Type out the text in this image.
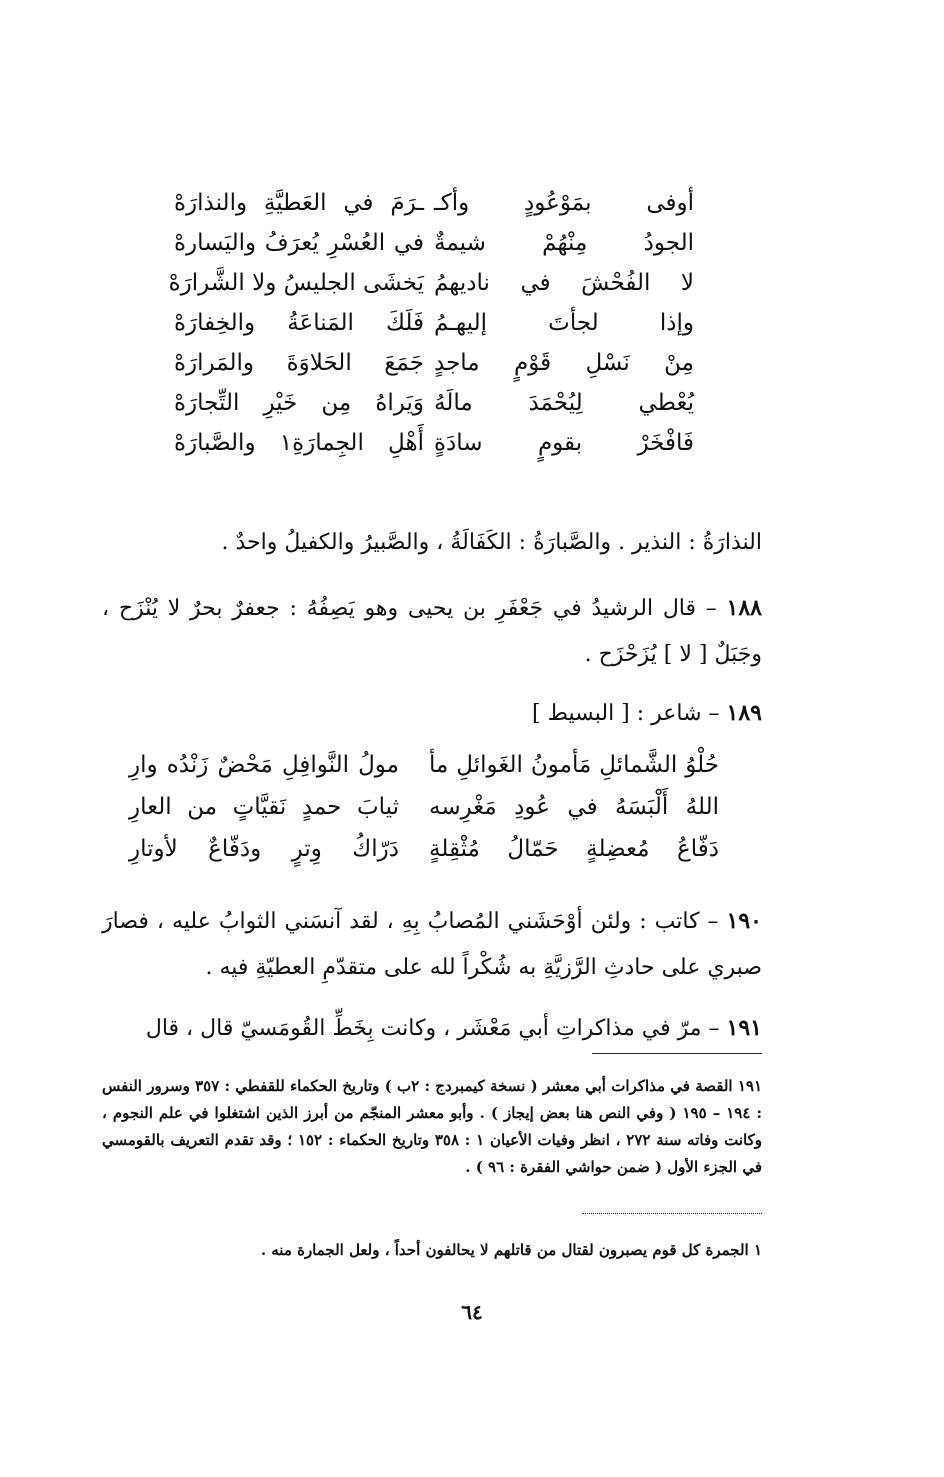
أوفى بمَوْعُودٍ وأكـ
ـرَمَ في العَطيَّةِ والنذارَهْ
الجودُ مِنْهُمْ شيمةٌ
في العُسْرِ يُعرَفُ واليَسارهْ
لا الفُحْشَ في ناديهمُ
يَخشَى الجليسُ ولا الشَّرارَهْ
وإذا لجأتَ إليهـمُ
فَلَكَ المَناعَةُ والخِفارَهْ
مِنْ نَسْلِ قَوْمٍ ماجدٍ
جَمَعَ الحَلاوَةَ والمَرارَهْ
يُعْطي لِيُحْمَدَ مالَهُ
وَيَراهُ مِن خَيْرِ التِّجارَهْ
فَافْخَرْ بقومٍ سادَةٍ
أَهْلِ الجِمارَةِ١ والصَّبارَهْ
النذارَةُ : النذير . والصَّبارَةُ : الكَفَالَةُ ، والصَّبيرُ والكفيلُ واحدٌ .
١٨٨ – قال الرشيدُ في جَعْفَرِ بن يحيى وهو يَصِفُهُ : جعفرٌ بحرٌ لا يُنْزَح ، وجَبَلٌ [ لا ] يُزَحْزَح .
١٨٩ – شاعر : [ البسيط ]
حُلْوُ الشَّمائلِ مَأمونُ الغَوائلِ مأ
مولُ النَّوافِلِ مَحْضٌ زَنْدُه وارِ
اللهُ أَلْبَسَهُ في عُودِ مَغْرِسه
ثيابَ حمدٍ نَقيَّاتٍ من العارِ
دَفّاعُ مُعضِلةٍ حَمّالُ مُثْقِلةٍ
دَرّاكُ وِترٍ ودَفّاعٌ لأوتارِ
١٩٠ – كاتب : ولئن أوْحَشَني المُصابُ بِهِ ، لقد آنسَني الثوابُ عليه ، فصارَ صبري على حادثِ الرَّزيَّةِ به شُكْراً لله على متقدّمِ العطيّةِ فيه .
١٩١ – مرّ في مذاكراتِ أبي مَعْشَر ، وكانت بِخَطِّ القُومَسيّ قال ، قال
١٩١ القصة في مذاكرات أبي معشر ( نسخة كيمبردج : ٢ب ) وتاريخ الحكماء للقفطي : ٣٥٧ وسرور النفس : ١٩٤ – ١٩٥ ( وفي النص هنا بعض إيجاز ) . وأبو معشر المنجّم من أبرز الذين اشتغلوا في علم النجوم ، وكانت وفاته سنة ٢٧٢ ، انظر وفيات الأعيان ١ : ٣٥٨ وتاريخ الحكماء : ١٥٢ ؛ وقد تقدم التعريف بالقومسي في الجزء الأول ( ضمن حواشي الفقرة : ٩٦ ) .
١ الجمرة كل قوم يصبرون لقتال من قاتلهم لا يحالفون أحداً ، ولعل الجمارة منه .
٦٤
